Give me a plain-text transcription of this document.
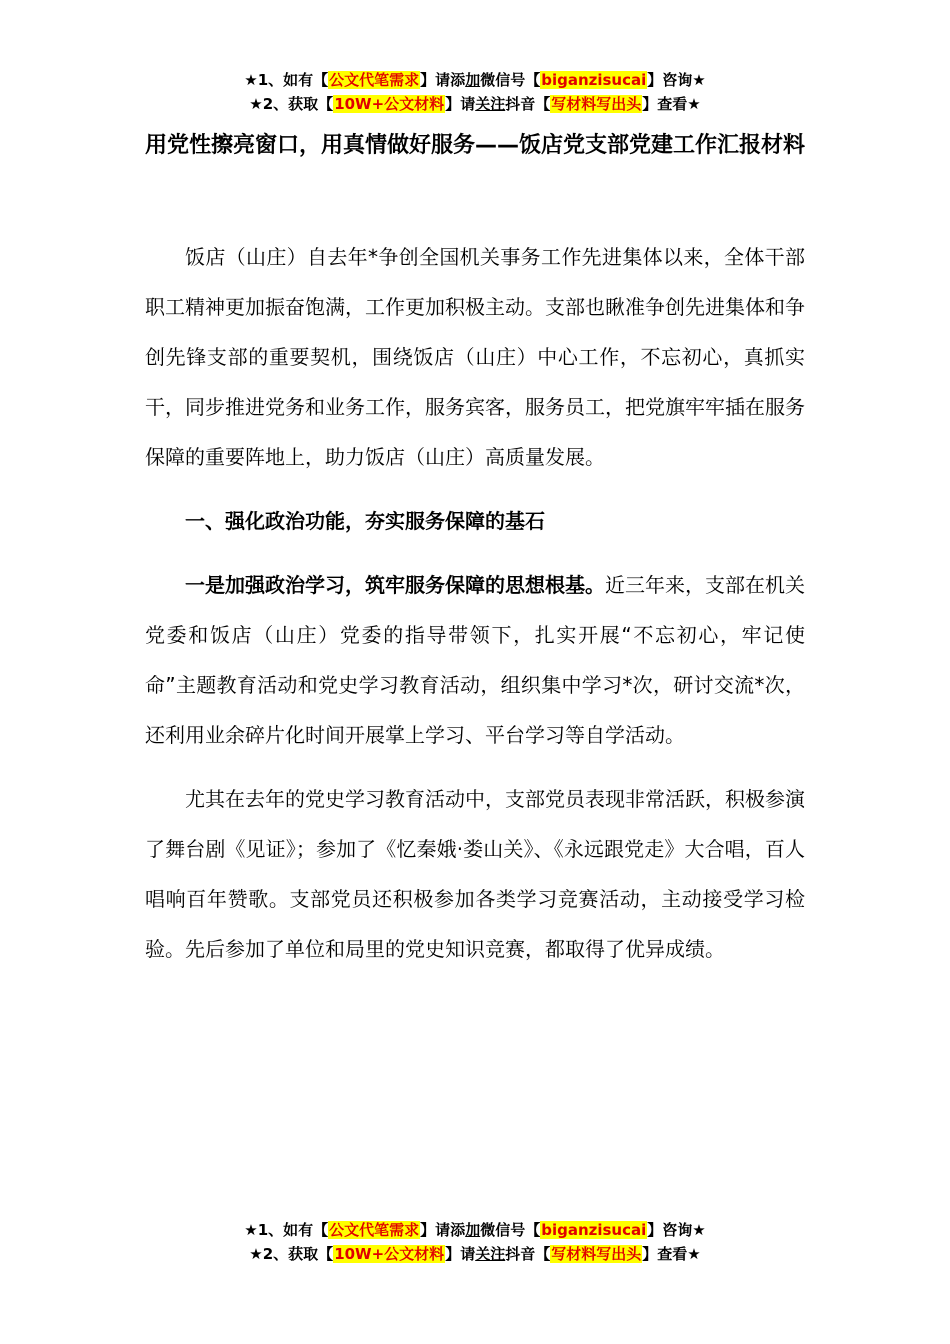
★1、如有【公文代笔需求】请添加微信号【biganzisucai】咨询★
★2、获取【10W+公文材料】请关注抖音【写材料写出头】查看★
用党性擦亮窗口，用真情做好服务——饭店党支部党建工作汇报材料

饭店（山庄）自去年*争创全国机关事务工作先进集体以来，全体干部职工精神更加振奋饱满，工作更加积极主动。支部也瞅准争创先进集体和争创先锋支部的重要契机，围绕饭店（山庄）中心工作，不忘初心，真抓实干，同步推进党务和业务工作，服务宾客，服务员工，把党旗牢牢插在服务保障的重要阵地上，助力饭店（山庄）高质量发展。

一、强化政治功能，夯实服务保障的基石

一是加强政治学习，筑牢服务保障的思想根基。近三年来，支部在机关党委和饭店（山庄）党委的指导带领下，扎实开展“不忘初心，牢记使命”主题教育活动和党史学习教育活动，组织集中学习*次，研讨交流*次，还利用业余碎片化时间开展掌上学习、平台学习等自学活动。

尤其在去年的党史学习教育活动中，支部党员表现非常活跃，积极参演了舞台剧《见证》；参加了《忆秦娥·娄山关》、《永远跟党走》大合唱，百人唱响百年赞歌。支部党员还积极参加各类学习竞赛活动，主动接受学习检验。先后参加了单位和局里的党史知识竞赛，都取得了优异成绩。

★1、如有【公文代笔需求】请添加微信号【biganzisucai】咨询★
★2、获取【10W+公文材料】请关注抖音【写材料写出头】查看★
